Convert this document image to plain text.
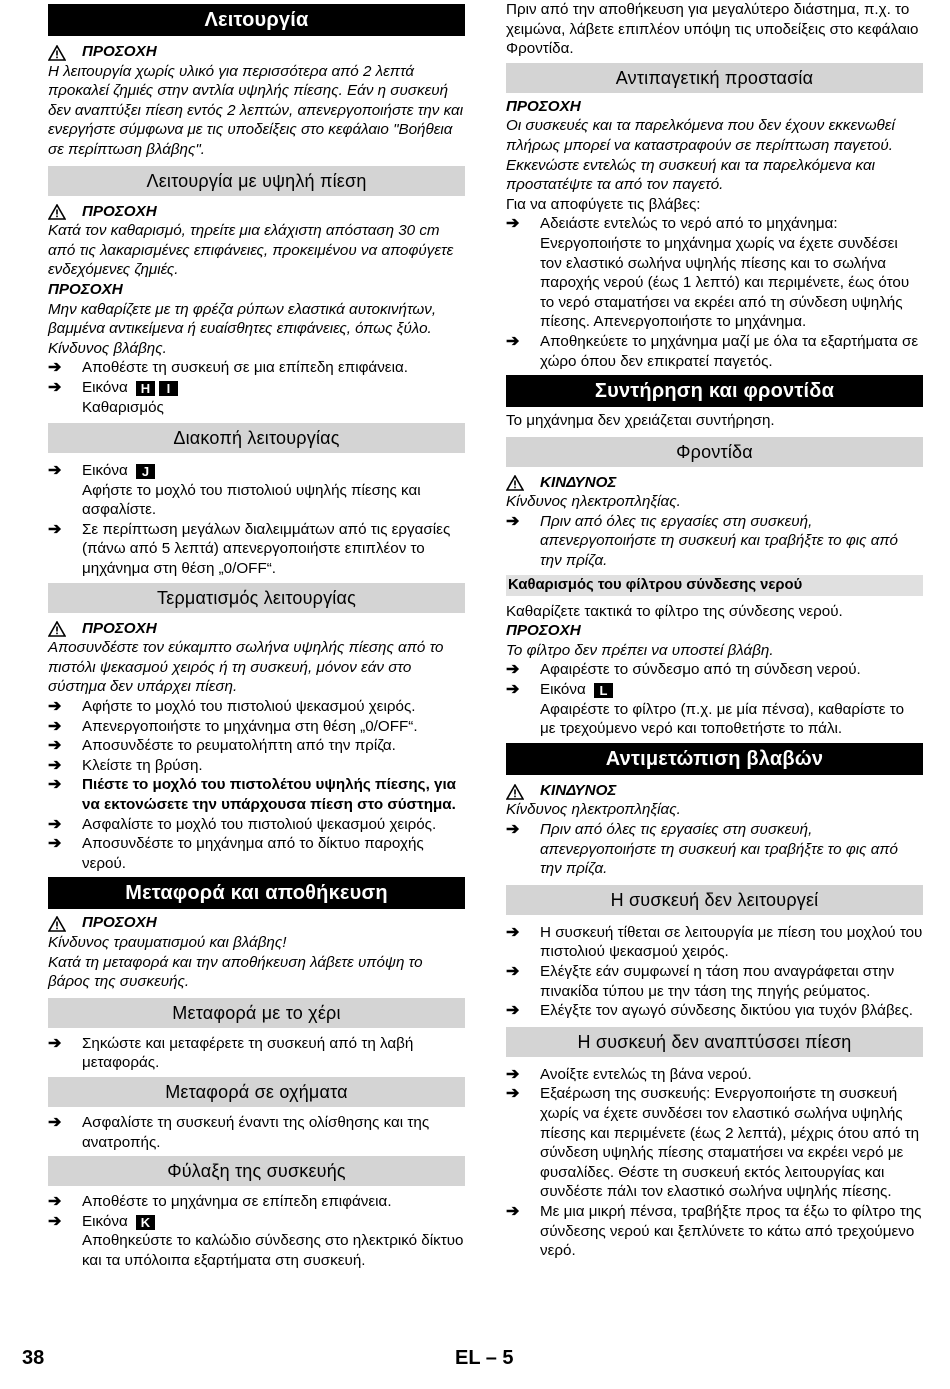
Λειτουργία
ΠΡΟΣΟΧΗ

Η λειτουργία χωρίς υλικό για περισσότερα από 2 λεπτά προκαλεί ζημιές στην αντλία υψηλής πίεσης. Εάν η συσκευή δεν αναπτύξει πίεση εντός 2 λεπτών, απενεργοποιήστε την και ενεργήστε σύμφωνα με τις υποδείξεις στο κεφάλαιο "Βοήθεια σε περίπτωση βλάβης".

Λειτουργία με υψηλή πίεση
ΠΡΟΣΟΧΗ

Κατά τον καθαρισμό, τηρείτε μια ελάχιστη απόσταση 30 cm από τις λακαρισμένες επιφάνειες, προκειμένου να αποφύγετε ενδεχόμενες ζημιές.

ΠΡΟΣΟΧΗ

Μην καθαρίζετε με τη φρέζα ρύπων ελαστικά αυτοκινήτων, βαμμένα αντικείμενα ή ευαίσθητες επιφάνειες, όπως ξύλο. Κίνδυνος βλάβης.

➔	Αποθέστε τη συσκευή σε μια επίπεδη επιφάνεια.
➔	Εικόνα H I

Καθαρισμός

Διακοπή λειτουργίας
➔	Εικόνα J

Αφήστε το μοχλό του πιστολιού υψηλής πίεσης και ασφαλίστε.

➔	Σε περίπτωση μεγάλων διαλειμμάτων από τις εργασίες (πάνω από 5 λεπτά) απενεργοποιήστε επιπλέον το μηχάνημα στη θέση „0/OFF“.
Τερματισμός λειτουργίας
ΠΡΟΣΟΧΗ

Αποσυνδέστε τον εύκαμπτο σωλήνα υψηλής πίεσης από το πιστόλι ψεκασμού χειρός ή τη συσκευή, μόνον εάν στο σύστημα δεν υπάρχει πίεση.

➔	Αφήστε το μοχλό του πιστολιού ψεκασμού χειρός.
➔	Απενεργοποιήστε το μηχάνημα στη θέση „0/OFF“.
➔	Αποσυνδέστε το ρευματολήπτη από την πρίζα.
➔	Κλείστε τη βρύση.
➔	Πιέστε το μοχλό του πιστολέτου υψηλής πίεσης, για να εκτονώσετε την υπάρχουσα πίεση στο σύστημα.
➔	Ασφαλίστε το μοχλό του πιστολιού ψεκασμού χειρός.
➔	Αποσυνδέστε το μηχάνημα από το δίκτυο παροχής νερού.
Μεταφορά και αποθήκευση
ΠΡΟΣΟΧΗ

Κίνδυνος τραυματισμού και βλάβης!

Κατά τη μεταφορά και την αποθήκευση λάβετε υπόψη το βάρος της συσκευής.

Μεταφορά με το χέρι
➔	Σηκώστε και μεταφέρετε τη συσκευή από τη λαβή μεταφοράς.
Μεταφορά σε οχήματα
➔	Ασφαλίστε τη συσκευή έναντι της ολίσθησης και της ανατροπής.
Φύλαξη της συσκευής
➔	Αποθέστε το μηχάνημα σε επίπεδη επιφάνεια.
➔	Εικόνα K

Αποθηκεύστε το καλώδιο σύνδεσης στο ηλεκτρικό δίκτυο και τα υπόλοιπα εξαρτήματα στη συσκευή.

Πριν από την αποθήκευση για μεγαλύτερο διάστημα, π.χ. το χειμώνα, λάβετε επιπλέον υπόψη τις υποδείξεις στο κεφάλαιο Φροντίδα.

Αντιπαγετική προστασία

ΠΡΟΣΟΧΗ

Οι συσκευές και τα παρελκόμενα που δεν έχουν εκκενωθεί πλήρως μπορεί να καταστραφούν σε περίπτωση παγετού. Εκκενώστε εντελώς τη συσκευή και τα παρελκόμενα και προστατέψτε τα από τον παγετό.

Για να αποφύγετε τις βλάβες:

➔	Αδειάστε εντελώς το νερό από το μηχάνημα: Ενεργοποιήστε το μηχάνημα χωρίς να έχετε συνδέσει τον ελαστικό σωλήνα υψηλής πίεσης και το σωλήνα παροχής νερού (έως 1 λεπτό) και περιμένετε, έως ότου το νερό σταματήσει να εκρέει από τη σύνδεση υψηλής πίεσης. Απενεργοποιήστε το μηχάνημα.
➔	Αποθηκεύετε το μηχάνημα μαζί με όλα τα εξαρτήματα σε χώρο όπου δεν επικρατεί παγετός.
Συντήρηση και φροντίδα

Το μηχάνημα δεν χρειάζεται συντήρηση.

Φροντίδα
ΚΙΝΔΥΝΟΣ

Κίνδυνος ηλεκτροπληξίας.

➔	Πριν από όλες τις εργασίες στη συσκευή, απενεργοποιήστε τη συσκευή και τραβήξτε το φις από την πρίζα.
Καθαρισμός του φίλτρου σύνδεσης νερού

Καθαρίζετε τακτικά το φίλτρο της σύνδεσης νερού.

ΠΡΟΣΟΧΗ

Το φίλτρο δεν πρέπει να υποστεί βλάβη.

➔	Αφαιρέστε το σύνδεσμο από τη σύνδεση νερού.
➔	Εικόνα L

Αφαιρέστε το φίλτρο (π.χ. με μία πένσα), καθαρίστε το με τρεχούμενο νερό και τοποθετήστε το πάλι.

Αντιμετώπιση βλαβών
ΚΙΝΔΥΝΟΣ

Κίνδυνος ηλεκτροπληξίας.

➔	Πριν από όλες τις εργασίες στη συσκευή, απενεργοποιήστε τη συσκευή και τραβήξτε το φις από την πρίζα.
Η συσκευή δεν λειτουργεί
➔	Η συσκευή τίθεται σε λειτουργία με πίεση του μοχλού του πιστολιού ψεκασμού χειρός.
➔	Ελέγξτε εάν συμφωνεί η τάση που αναγράφεται στην πινακίδα τύπου με την τάση της πηγής ρεύματος.
➔	Ελέγξτε τον αγωγό σύνδεσης δικτύου για τυχόν βλάβες.
Η συσκευή δεν αναπτύσσει πίεση
➔	Ανοίξτε εντελώς τη βάνα νερού.
➔	Εξαέρωση της συσκευής: Ενεργοποιήστε τη συσκευή χωρίς να έχετε συνδέσει τον ελαστικό σωλήνα υψηλής πίεσης και περιμένετε (έως 2 λεπτά), μέχρις ότου από τη σύνδεση υψηλής πίεσης σταματήσει να εκρέει νερό με φυσαλίδες. Θέστε τη συσκευή εκτός λειτουργίας και συνδέστε πάλι τον ελαστικό σωλήνα υψηλής πίεσης.
➔	Με μια μικρή πένσα, τραβήξτε προς τα έξω το φίλτρο της σύνδεσης νερού και ξεπλύνετε το κάτω από τρεχούμενο νερό.
38	EL – 5
